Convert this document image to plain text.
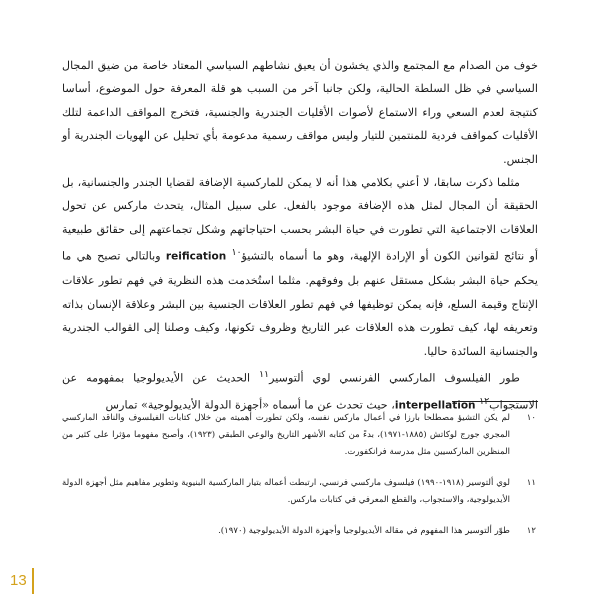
خوف من الصدام مع المجتمع والذي يخشون أن يعيق نشاطهم السياسي المعتاد خاصة من ضيق المجال السياسي في ظل السلطة الحالية، ولكن جانبا آخر من السبب هو قلة المعرفة حول الموضوع، أساسا كنتيجة لعدم السعي وراء الاستماع لأصوات الأقليات الجندرية والجنسية، فتخرج المواقف الداعمة لتلك الأقليات كمواقف فردية للمنتمين للتيار وليس مواقف رسمية مدعومة بأي تحليل عن الهويات الجندرية أو الجنس.

مثلما ذكرت سابقا، لا أعني بكلامي هذا أنه لا يمكن للماركسية الإضافة لقضايا الجندر والجنسانية، بل الحقيقة أن المجال لمثل هذه الإضافة موجود بالفعل. على سبيل المثال، يتحدث ماركس عن تحول العلاقات الاجتماعية التي تطورت في حياة البشر بحسب احتياجاتهم وشكل تجماعتهم إلى حقائق طبيعية أو نتائج لقوانين الكون أو الإرادة الإلهية، وهو ما أسماه بالتشيؤ$^{١٠}$ reification وبالتالي تصبح هي ما يحكم حياة البشر بشكل مستقل عنهم بل وفوقهم. مثلما استُخدمت هذه النظرية في فهم تطور علاقات الإنتاج وقيمة السلع، فإنه يمكن توظيفها في فهم تطور العلاقات الجنسية بين البشر وعلاقة الإنسان بذاته وتعريفه لها، كيف تطورت هذه العلاقات عبر التاريخ وظروف تكونها، وكيف وصلنا إلى القوالب الجندرية والجنسانية السائدة حاليا.

طور الفيلسوف الماركسي الفرنسي لوي ألتوسير$^{١١}$ الحديث عن الأيديولوجيا بمفهومه عن الاستجواب$^{١٢}$ interpellation، حيث تحدث عن ما أسماه «أجهزة الدولة الأيديولوجية» تمارس

١٠
لم يكن التشيؤ مصطلحا بارزا في أعمال ماركس نفسه، ولكن تطورت أهميته من خلال كتابات الفيلسوف والناقد الماركسي المجري جورج لوكاتش (١٨٨٥-١٩٧١)، بدءً من كتابه الأشهر التاريخ والوعي الطبقي (١٩٢٣)، وأصبح مفهوما مؤثرا على كثير من المنظرين الماركسيين مثل مدرسة فرانكفورت.
١١
لوي ألتوسير (١٩١٨-١٩٩٠) فيلسوف ماركسي فرنسي، ارتبطت أعماله بتيار الماركسية البنيوية وتطوير مفاهيم مثل أجهزة الدولة الأيديولوجية، والاستجواب، والقطع المعرفي في كتابات ماركس.
١٢
طوّر ألتوسير هذا المفهوم في مقاله الأيديولوجيا وأجهزة الدولة الأيديولوجية (١٩٧٠).
13
